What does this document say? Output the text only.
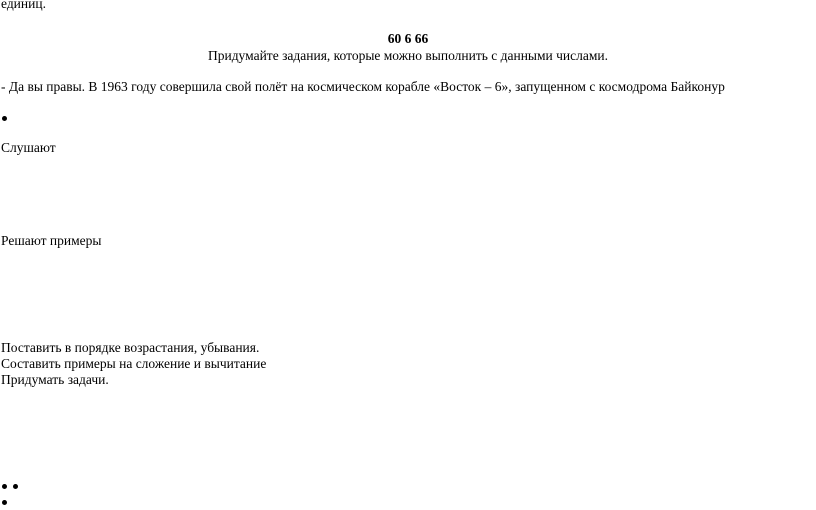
единиц.
60 6 66
Придумайте задания, которые можно выполнить с данными числами.
- Да вы правы. В 1963 году совершила свой полёт на космическом корабле «Восток – 6», запущенном с космодрома Байконур
Слушают
Решают примеры
Поставить в порядке возрастания, убывания.
Составить примеры на сложение и вычитание
Придумать задачи.
